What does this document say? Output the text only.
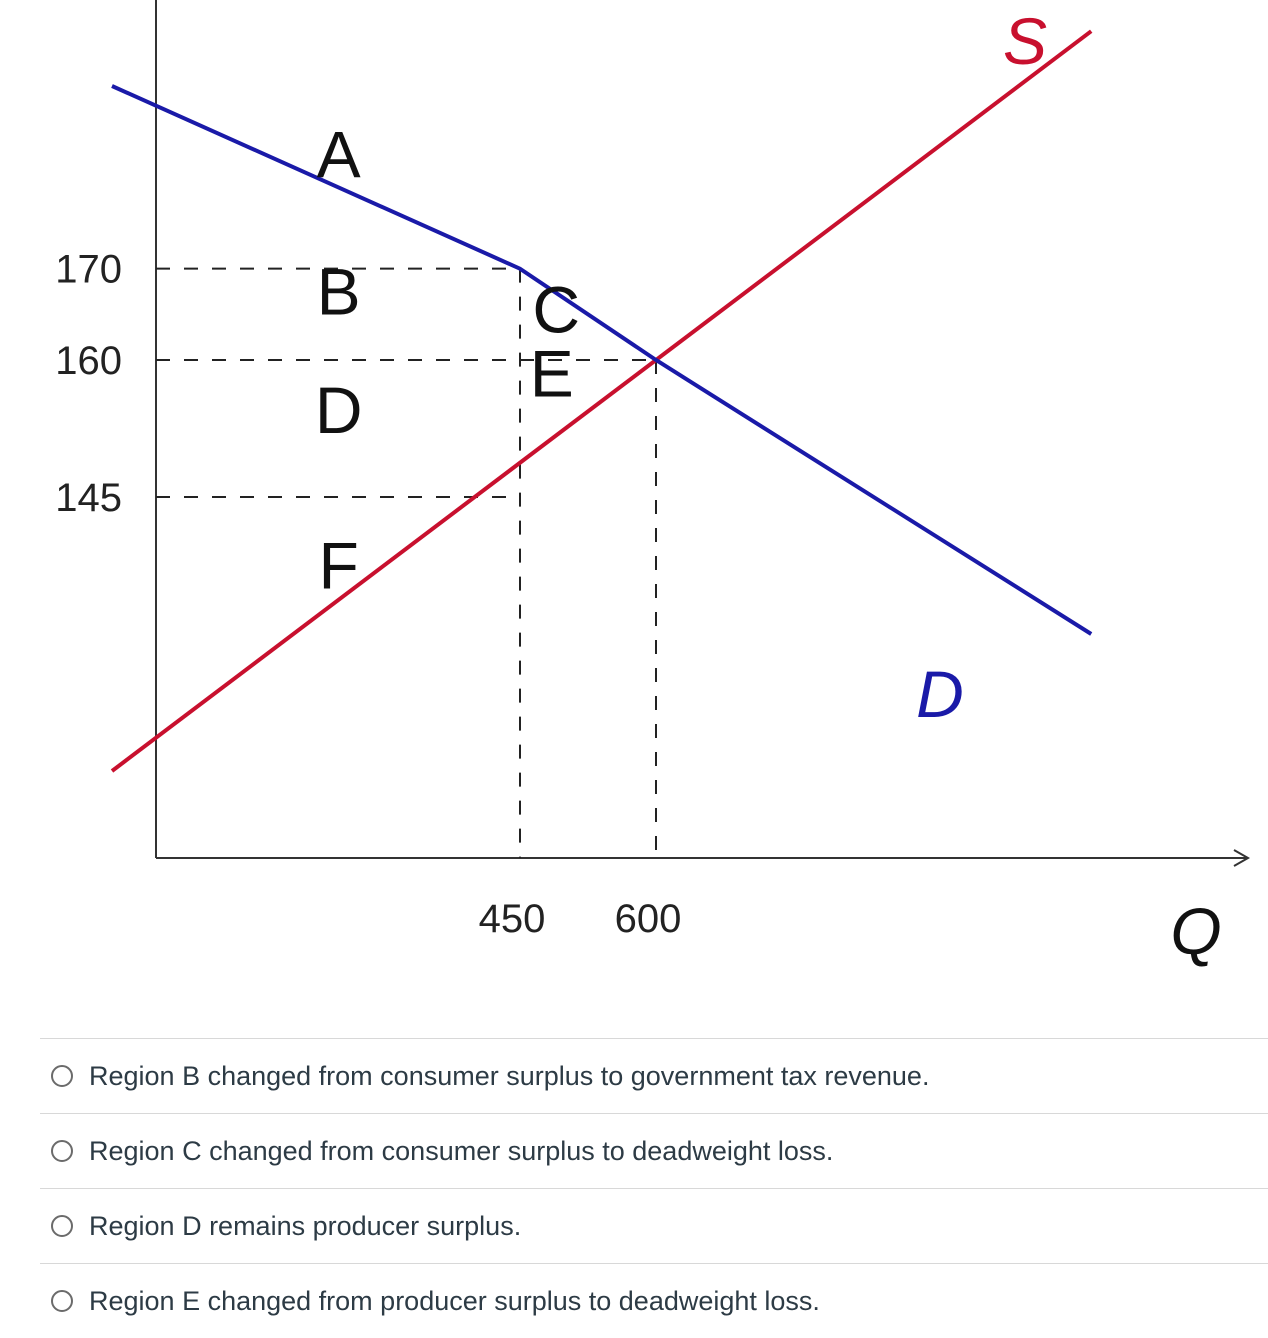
170
160
145
450 600
A
B	C
D	E
F
S
D
Q
Region B changed from consumer surplus to government tax revenue.
Region C changed from consumer surplus to deadweight loss.
Region D remains producer surplus.
Region E changed from producer surplus to deadweight loss.
